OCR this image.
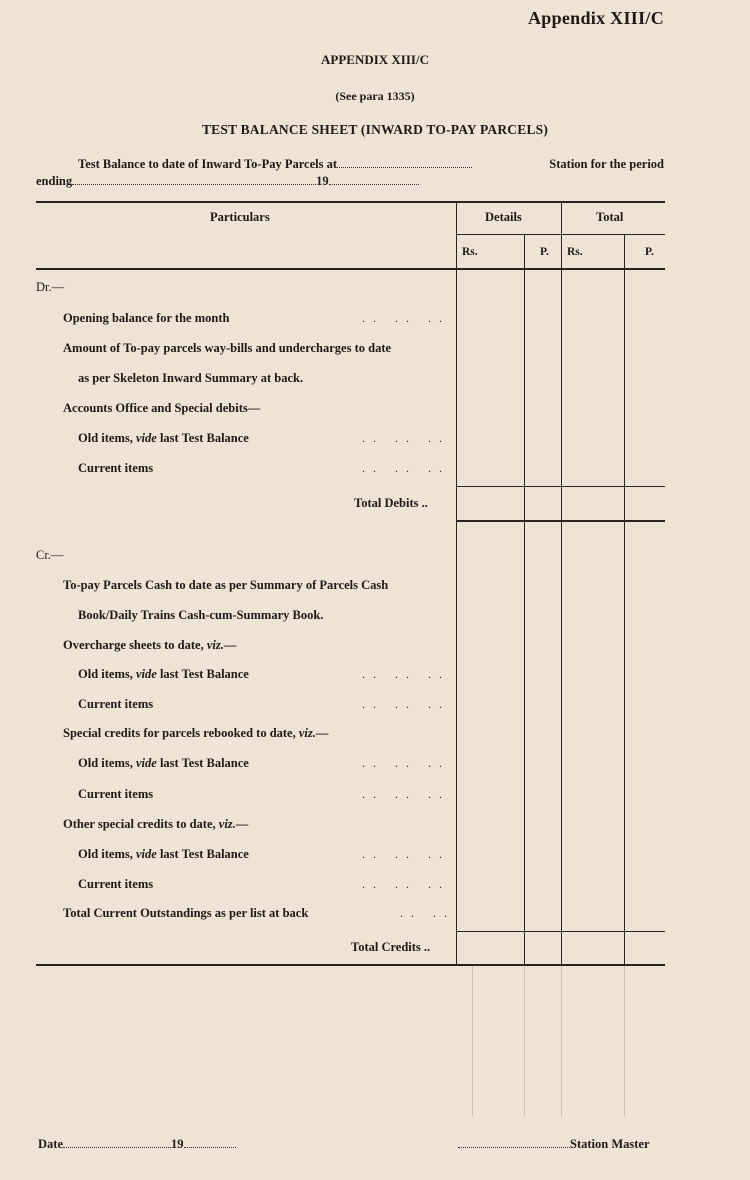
Appendix XIII/C
APPENDIX XIII/C
(See para 1335)
TEST BALANCE SHEET (INWARD TO-PAY PARCELS)
Test Balance to date of Inward To-Pay Parcels at	Station for the period
ending	19
Particulars	Details	Total
Rs.	P. Rs.	P.
Dr.—
Opening balance for the month	.. .. ..
Amount of To-pay parcels way-bills and undercharges to date
as per Skeleton Inward Summary at back.
Accounts Office and Special debits—
Old items, vide last Test Balance	.. .. ..
Current items	.. .. ..
Total Debits ..
Cr.—
To-pay Parcels Cash to date as per Summary of Parcels Cash
Book/Daily Trains Cash-cum-Summary Book.
Overcharge sheets to date, viz.—
Old items, vide last Test Balance	.. .. ..
Current items	.. .. ..
Special credits for parcels rebooked to date, viz.—
Old items, vide last Test Balance	.. .. ..
Current items	.. .. ..
Other special credits to date, viz.—
Old items, vide last Test Balance	.. .. ..
Current items	.. .. ..
Total Current Outstandings as per list at back	.. ..
Total Credits ..
Date	19	Station Master
